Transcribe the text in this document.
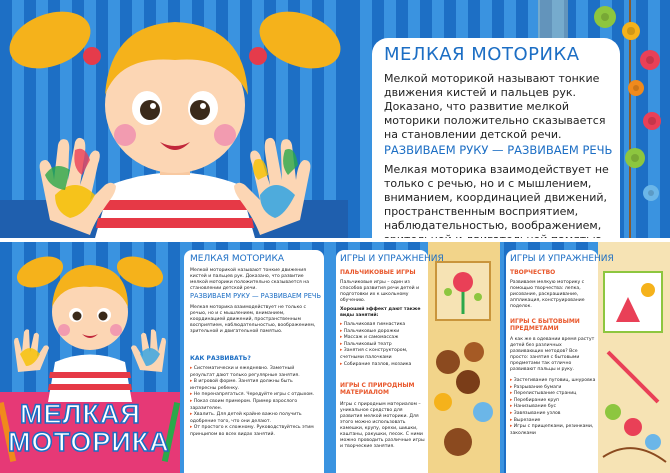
МЕЛКАЯ МОТОРИКА
Мелкой моторикой называют тонкие движения кистей и пальцев рук. Доказано, что развитие мелкой моторики положительно сказывается на становлении детской речи.
РАЗВИВАЕМ РУКУ — РАЗВИВАЕМ РЕЧЬ
Мелкая моторика взаимодействует не только с речью, но и с мышлением, вниманием, координацией движений, пространственным восприятием, наблюдательностью, воображением,
МЕЛКАЯ
МОТОРИКА
МЕЛКАЯ МОТОРИКА
Мелкой моторикой называют тонкие движения кистей и пальцев рук. Доказано, что развитие мелкой моторики положительно сказывается на становлении детской речи.
РАЗВИВАЕМ РУКУ — РАЗВИВАЕМ РЕЧЬ
Мелкая моторика взаимодействует не только с речью, но и с мышлением, вниманием, координацией движений, пространственным восприятием, наблюдательностью, воображением, зрительной и двигательной памятью.
КАК РАЗВИВАТЬ?
▸ Систематически и ежедневно. Заметный результат дают только регулярные занятия.
▸ В игровой форме. Занятия должны быть интересны ребенку.
▸ Не перенапрягаться. Чередуйте игры с отдыхом.
▸ Показ своим примером. Пример взрослого заразителен.
▸ Хвалить. Для детей крайне важно получить одобрение того, что они делают.
▸ От простого к сложному. Руководствуйтесь этим принципом во всех видах занятий.
ИГРЫ И УПРАЖНЕНИЯ
ПАЛЬЧИКОВЫЕ ИГРЫ
Пальчиковые игры – один из способов развития речи детей и подготовки их к школьному обучению.
Хороший эффект дают также виды занятий:
▸ Пальчиковая гимнастика
▸ Пальчиковые дорожки
▸ Массаж и самомассаж
▸ Пальчиковый театр
▸ Занятия с конструктором, счетными палочками
▸ Собирание пазлов, мозаика
ИГРЫ С ПРИРОДНЫМ МАТЕРИАЛОМ
Игры с природным материалом – уникальное средство для развития мелкой моторики. Для этого можно использовать камешки, крупу, орехи, шишки, каштаны, ракушки, песок. С ними можно проводить различные игры и творческие занятия.
ИГРЫ И УПРАЖНЕНИЯ
ТВОРЧЕСТВО
Развиваем мелкую моторику с помощью творчества: лепка, рисование, раскрашивание, аппликация, конструирование поделок.
ИГРЫ С БЫТОВЫМИ ПРЕДМЕТАМИ
А как же в одевании время растут детей без различных развивающих методов? Все просто: занятия с бытовыми предметами так отлично развивают пальцы и руку.
▸ Застегивание пуговиц, шнуровка
▸ Разрывание бумаги
▸ Перелистывание страниц
▸ Перебирание круп
▸ Нанизывание бус
▸ Завязывание узлов
▸ Вырезание
▸ Игры с прищепками, резинками, заколками
